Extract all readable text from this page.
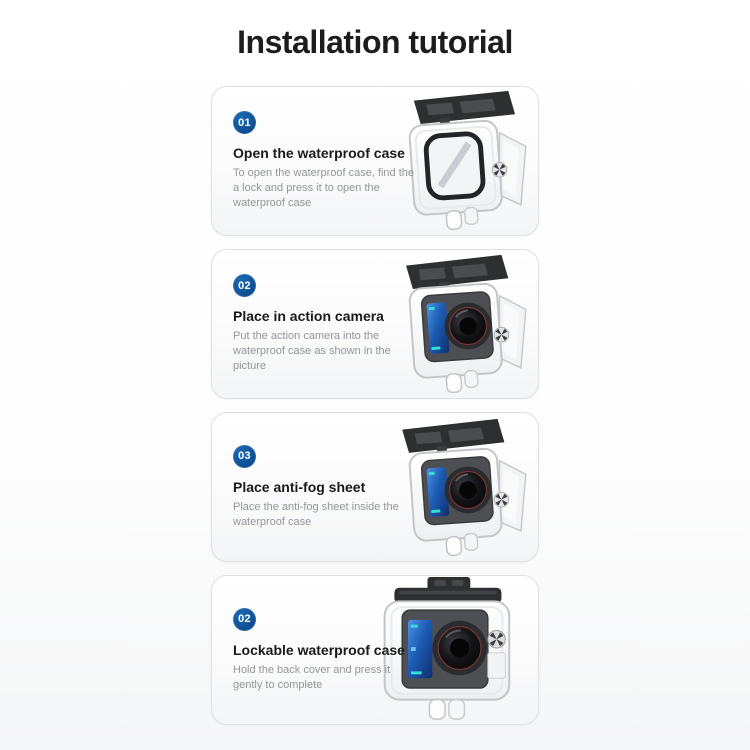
Installation tutorial
01
Open the waterproof case

To open the waterproof case, find the a lock and press it to open the waterproof case

02
Place in action camera

Put the action camera into the waterproof case as shown in the picture

03
Place anti-fog sheet

Place the anti-fog sheet inside the waterproof case

02
Lockable waterproof case

Hold the back cover and press it gently to complete
